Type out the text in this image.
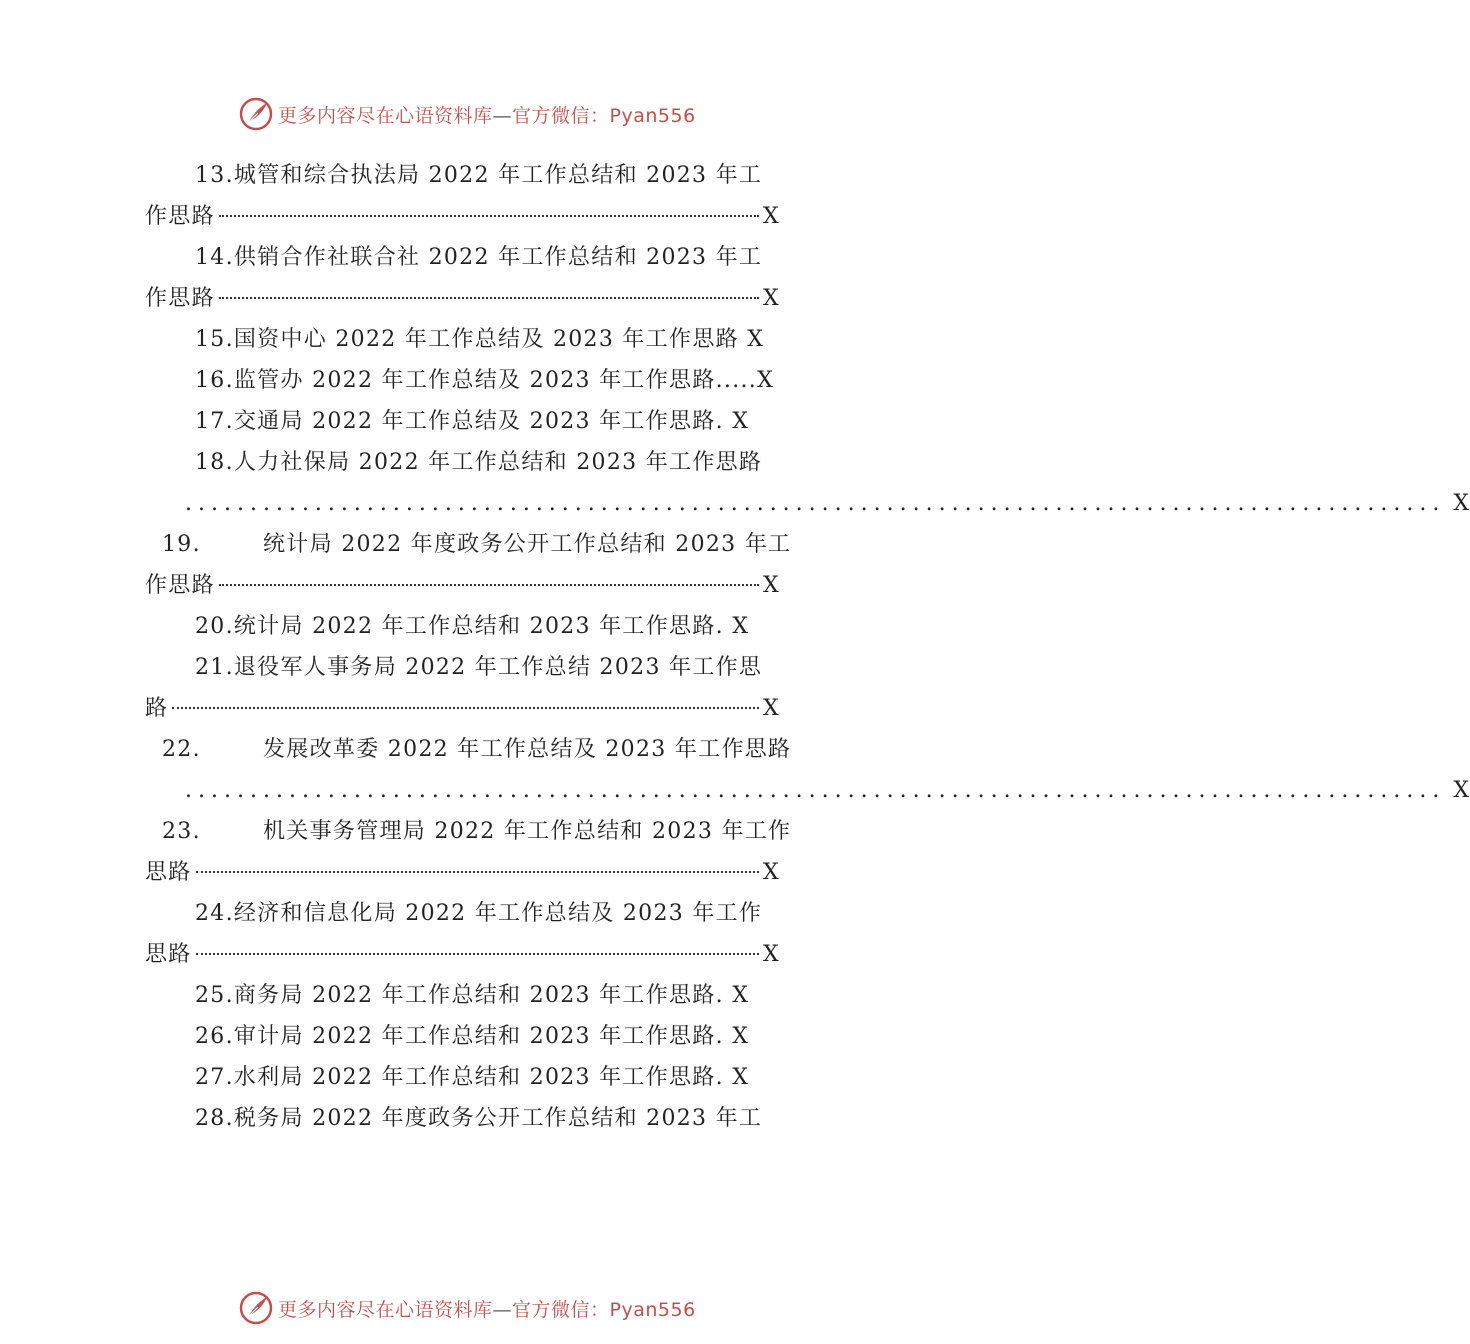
更多内容尽在心语资料库—官方微信：Pyan556
13.城管和综合执法局 2022 年工作总结和 2023 年工
作思路	X
14.供销合作社联合社 2022 年工作总结和 2023 年工
作思路	X
15.国资中心 2022 年工作总结及 2023 年工作思路 X
16.监管办 2022 年工作总结及 2023 年工作思路.....X
17.交通局 2022 年工作总结及 2023 年工作思路. X
18.人力社保局 2022 年工作总结和 2023 年工作思路
................................................................................................. X
19.	统计局 2022 年度政务公开工作总结和 2023 年工
作思路	X
20.统计局 2022 年工作总结和 2023 年工作思路. X
21.退役军人事务局 2022 年工作总结 2023 年工作思
路	X
22.	发展改革委 2022 年工作总结及 2023 年工作思路
................................................................................................. X
23.	机关事务管理局 2022 年工作总结和 2023 年工作
思路	X
24.经济和信息化局 2022 年工作总结及 2023 年工作
思路	X
25.商务局 2022 年工作总结和 2023 年工作思路. X
26.审计局 2022 年工作总结和 2023 年工作思路. X
27.水利局 2022 年工作总结和 2023 年工作思路. X
28.税务局 2022 年度政务公开工作总结和 2023 年工
更多内容尽在心语资料库—官方微信：Pyan556
